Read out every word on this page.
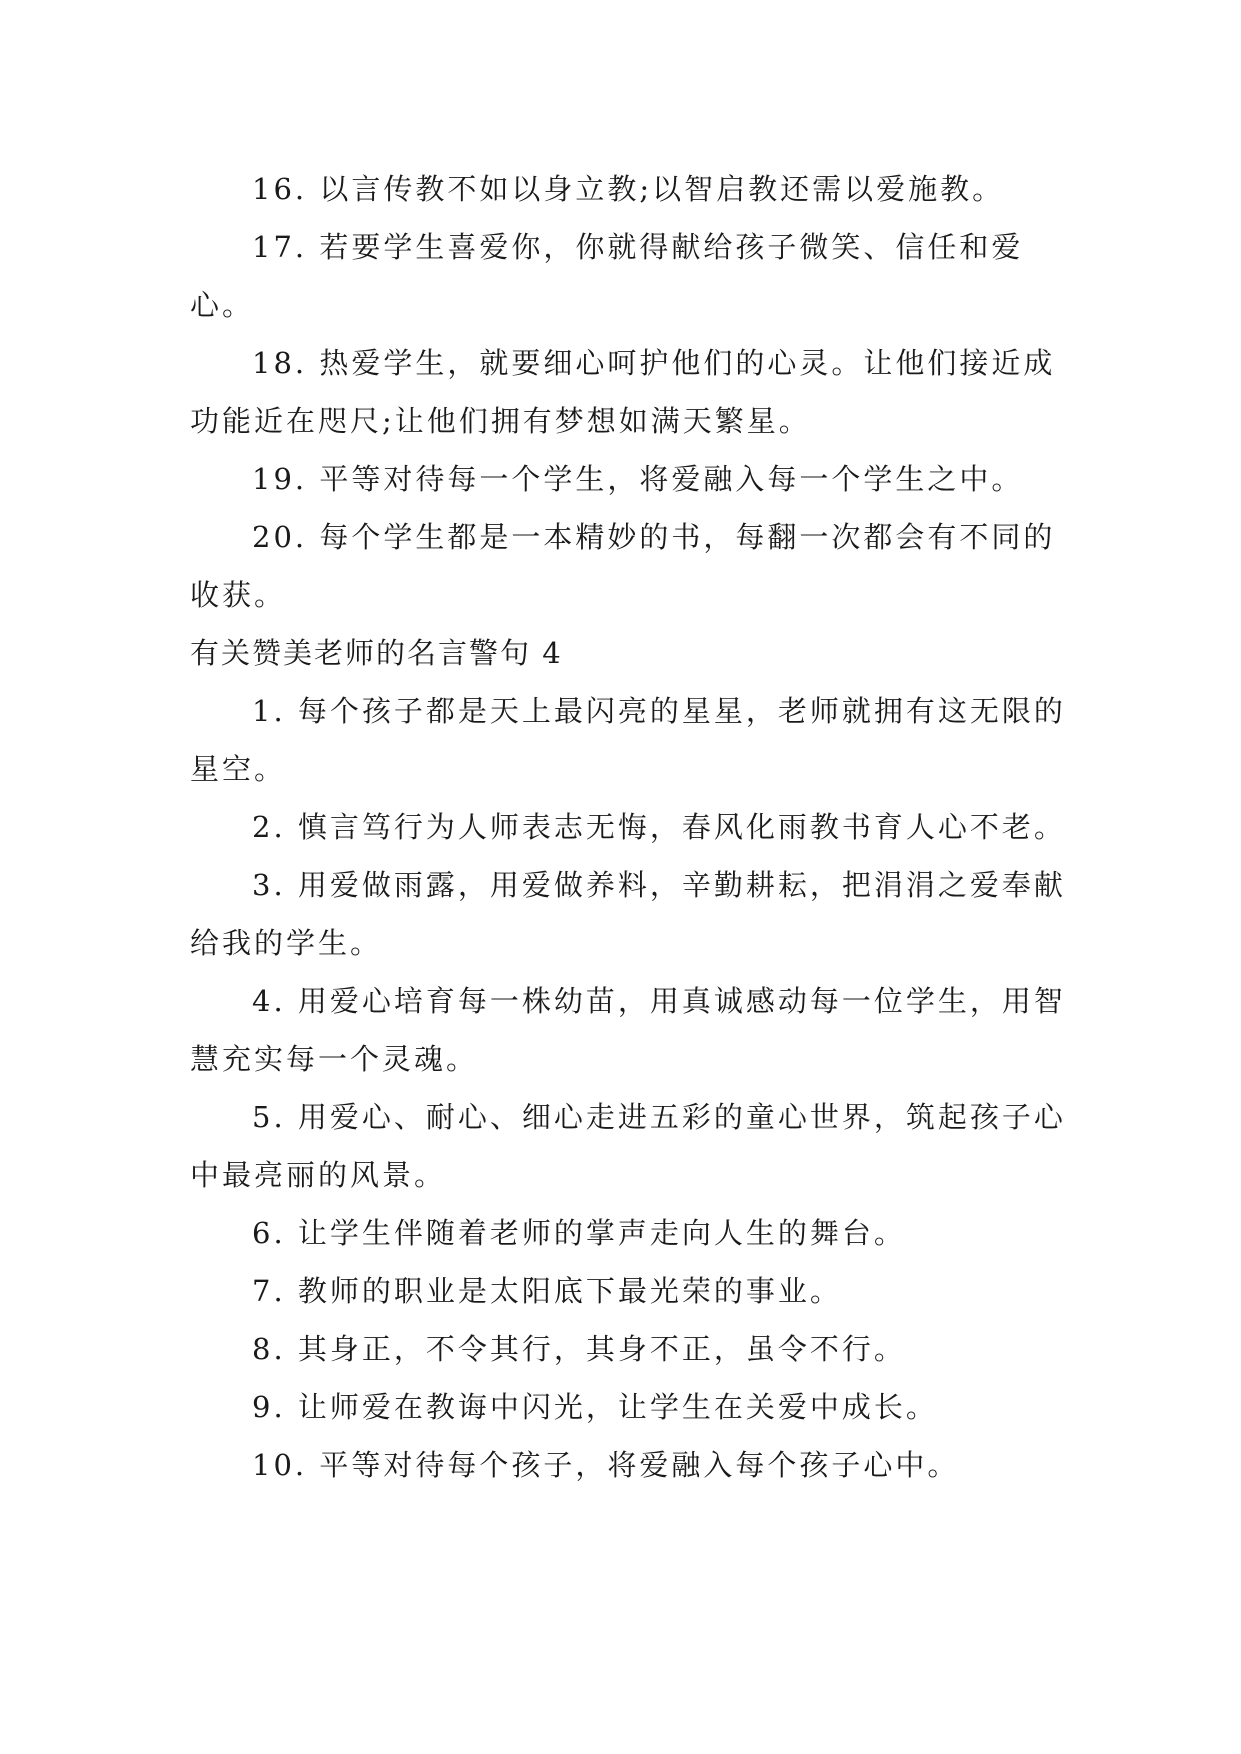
16. 以言传教不如以身立教;以智启教还需以爱施教。

17. 若要学生喜爱你，你就得献给孩子微笑、信任和爱心。

18. 热爱学生，就要细心呵护他们的心灵。让他们接近成功能近在咫尺;让他们拥有梦想如满天繁星。

19. 平等对待每一个学生，将爱融入每一个学生之中。

20. 每个学生都是一本精妙的书，每翻一次都会有不同的收获。

有关赞美老师的名言警句 4

1. 每个孩子都是天上最闪亮的星星，老师就拥有这无限的星空。

2. 慎言笃行为人师表志无悔，春风化雨教书育人心不老。

3. 用爱做雨露，用爱做养料，辛勤耕耘，把涓涓之爱奉献给我的学生。

4. 用爱心培育每一株幼苗，用真诚感动每一位学生，用智慧充实每一个灵魂。

5. 用爱心、耐心、细心走进五彩的童心世界，筑起孩子心中最亮丽的风景。

6. 让学生伴随着老师的掌声走向人生的舞台。

7. 教师的职业是太阳底下最光荣的事业。

8. 其身正，不令其行，其身不正，虽令不行。

9. 让师爱在教诲中闪光，让学生在关爱中成长。

10. 平等对待每个孩子，将爱融入每个孩子心中。
